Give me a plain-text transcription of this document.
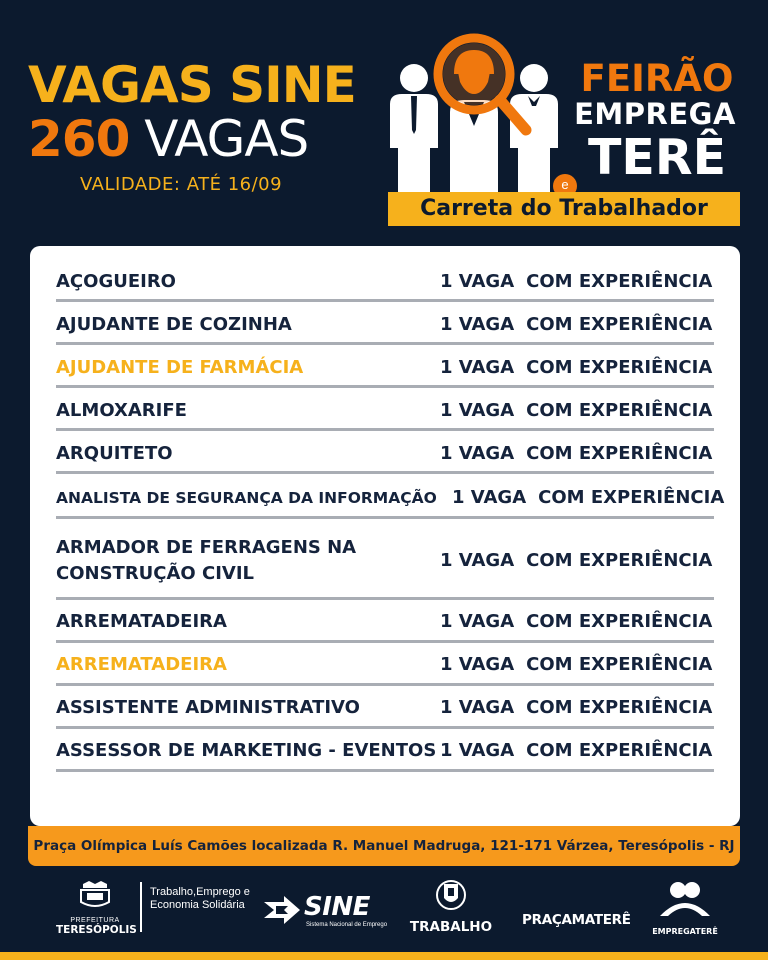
VAGAS SINE
260 VAGAS
VALIDADE: ATÉ 16/09
FEIRÃO
EMPREGA
TERÊ
e
Carreta do Trabalhador
AÇOGUEIRO	1 VAGA COM EXPERIÊNCIA
AJUDANTE DE COZINHA	1 VAGA COM EXPERIÊNCIA
AJUDANTE DE FARMÁCIA	1 VAGA COM EXPERIÊNCIA
ALMOXARIFE	1 VAGA COM EXPERIÊNCIA
ARQUITETO	1 VAGA COM EXPERIÊNCIA
ANALISTA DE SEGURANÇA DA INFORMAÇÃO 1 VAGA COM EXPERIÊNCIA
ARMADOR DE FERRAGENS NA CONSTRUÇÃO CIVIL
1 VAGA COM EXPERIÊNCIA
ARREMATADEIRA	1 VAGA COM EXPERIÊNCIA
ARREMATADEIRA	1 VAGA COM EXPERIÊNCIA
ASSISTENTE ADMINISTRATIVO	1 VAGA COM EXPERIÊNCIA
ASSESSOR DE MARKETING - EVENTOS 1 VAGA COM EXPERIÊNCIA
Praça Olímpica Luís Camões localizada R. Manuel Madruga, 121-171 Várzea, Teresópolis - RJ
PREFEITURA
TERESÓPOLIS
Trabalho,Emprego e Economia Solidária SINE
Sistema Nacional de Emprego TRABALHO PRAÇAMATERÊ
EMPREGATERÊ
